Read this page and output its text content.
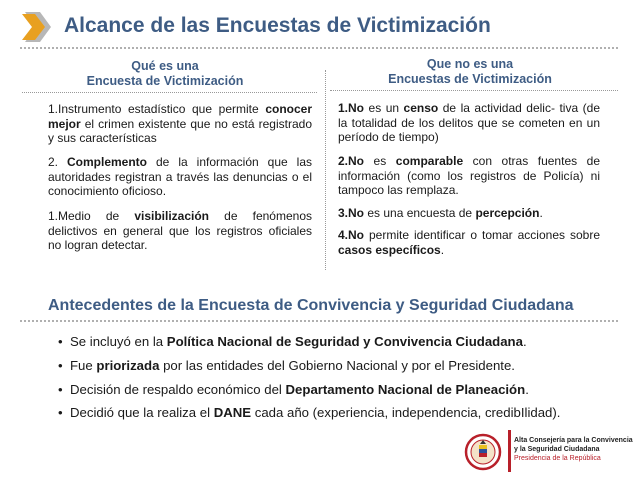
Alcance de las Encuestas de Victimización
Qué es una
Encuesta de Victimización
1.Instrumento estadístico que permite conocer mejor el crimen existente que no está registrado y sus características
2. Complemento de la información que las autoridades registran a través las denuncias o el conocimiento oficioso.
1.Medio de visibilización de fenómenos delictivos en general que los registros oficiales no logran detectar.
Que no es una
Encuestas de Victimización
1.No es un censo de la actividad delic- tiva (de la totalidad de los delitos que se cometen en un período de tiempo)
2.No es comparable con otras fuentes de información (como los registros de Policía) ni tampoco las remplaza.
3.No es una encuesta de percepción.
4.No permite identificar o tomar acciones sobre casos específicos.
Antecedentes de la Encuesta de Convivencia y Seguridad Ciudadana
• Se incluyó en la Política Nacional de Seguridad y Convivencia Ciudadana.
• Fue priorizada por las entidades del Gobierno Nacional y por el Presidente.
• Decisión de respaldo económico del Departamento Nacional de Planeación.
• Decidió que la realiza el DANE cada año (experiencia, independencia, credibIlidad).
Alta Consejería para la Convivencia
y la Seguridad Ciudadana
Presidencia de la República
